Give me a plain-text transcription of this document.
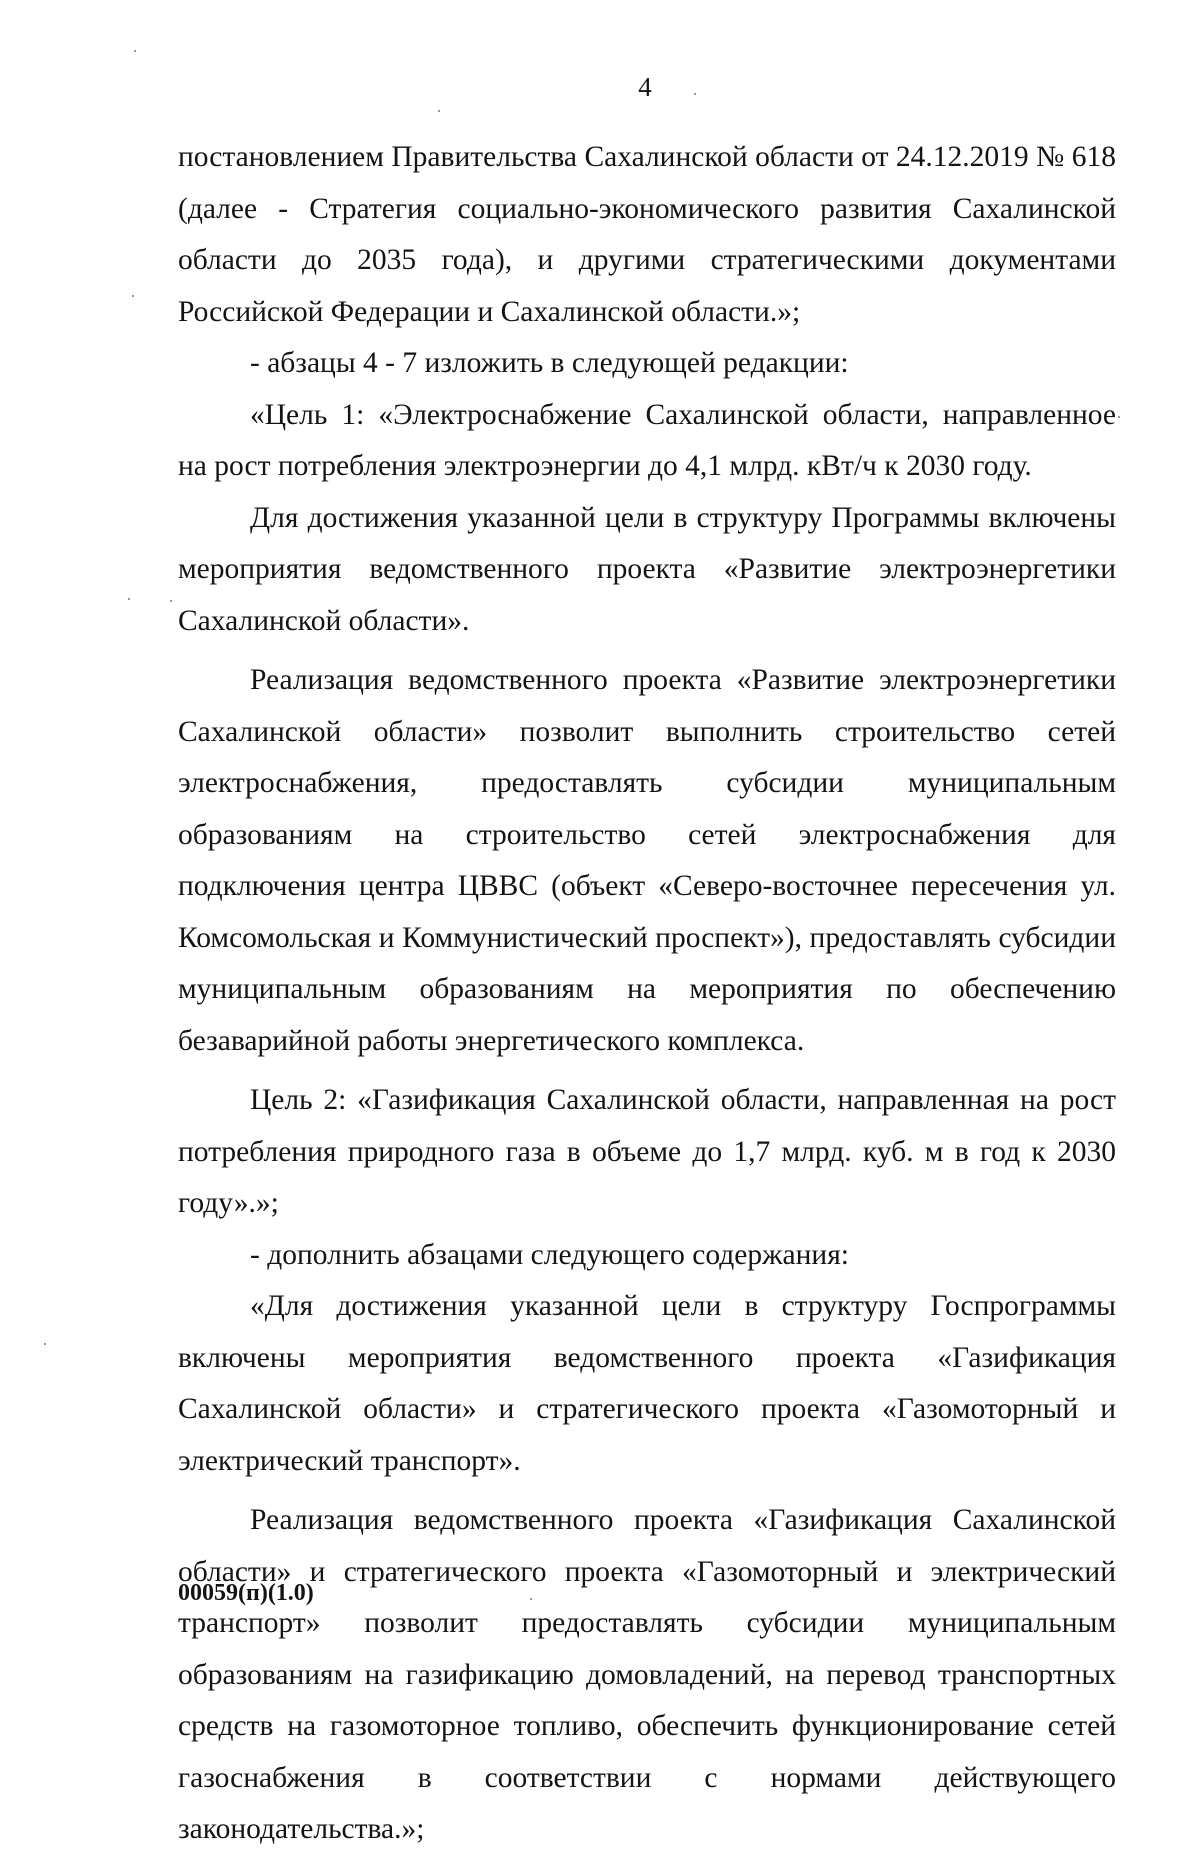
4

постановлением Правительства Сахалинской области от 24.12.2019 № 618 (далее - Стратегия социально-экономического развития Сахалинской области до 2035 года), и другими стратегическими документами Российской Федерации и Сахалинской области.»;

- абзацы 4 - 7 изложить в следующей редакции:

«Цель 1: «Электроснабжение Сахалинской области, направленное на рост потребления электроэнергии до 4,1 млрд. кВт/ч к 2030 году.

Для достижения указанной цели в структуру Программы включены мероприятия ведомственного проекта «Развитие электроэнергетики Сахалинской области».

Реализация ведомственного проекта «Развитие электроэнергетики Сахалинской области» позволит выполнить строительство сетей электроснабжения, предоставлять субсидии муниципальным образованиям на строительство сетей электроснабжения для подключения центра ЦВВС (объект «Северо-восточнее пересечения ул. Комсомольская и Коммунистический проспект»), предоставлять субсидии муниципальным образованиям на мероприятия по обеспечению безаварийной работы энергетического комплекса.

Цель 2: «Газификация Сахалинской области, направленная на рост потребления природного газа в объеме до 1,7 млрд. куб. м в год к 2030 году».»;

- дополнить абзацами следующего содержания:

«Для достижения указанной цели в структуру Госпрограммы включены мероприятия ведомственного проекта «Газификация Сахалинской области» и стратегического проекта «Газомоторный и электрический транспорт».

Реализация ведомственного проекта «Газификация Сахалинской области» и стратегического проекта «Газомоторный и электрический транспорт» позволит предоставлять субсидии муниципальным образованиям на газификацию домовладений, на перевод транспортных средств на газомоторное топливо, обеспечить функционирование сетей газоснабжения в соответствии с нормами действующего законодательства.»;

00059(п)(1.0)
